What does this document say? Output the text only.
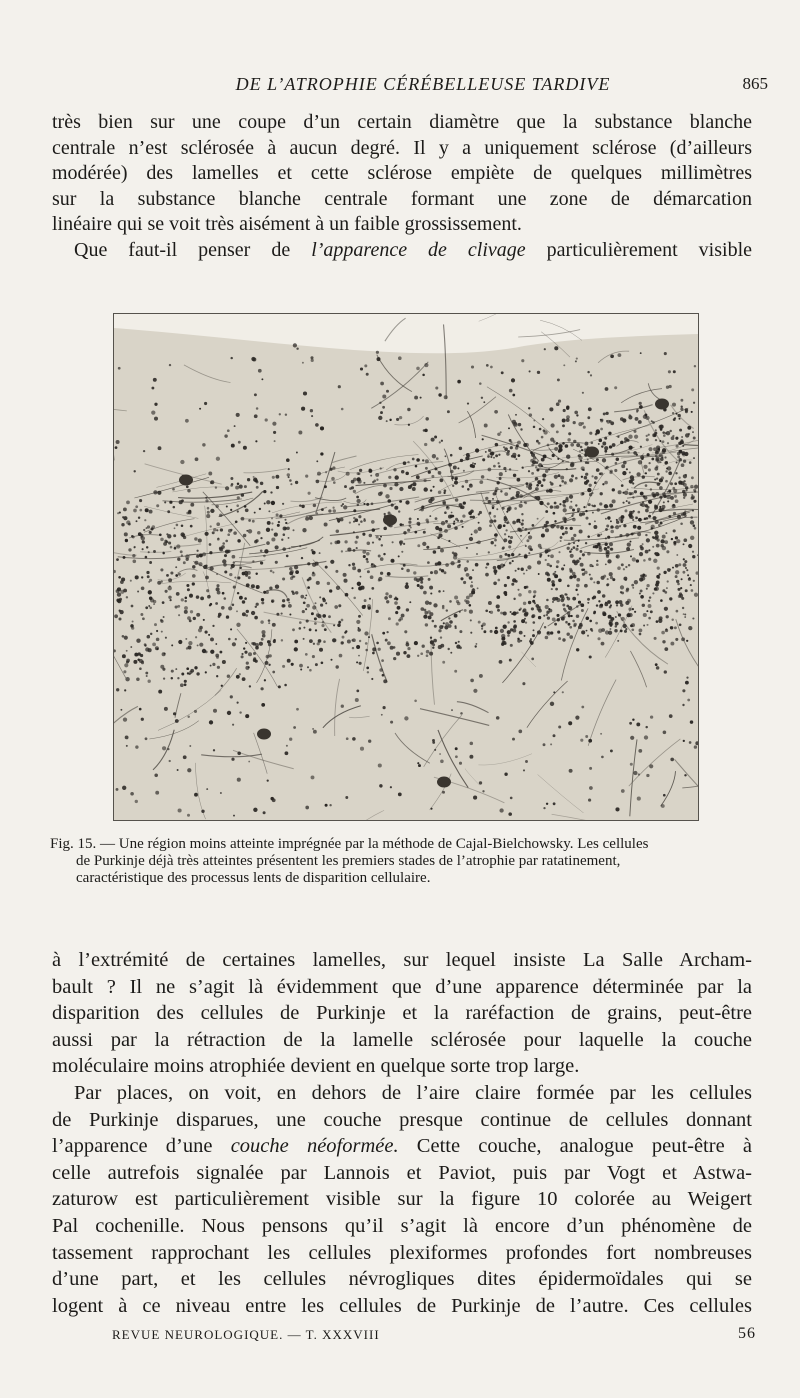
DE L’ATROPHIE CÉRÉBELLEUSE TARDIVE	865

très bien sur une coupe d’un certain diamètre que la substance blanche
centrale n’est sclérosée à aucun degré. Il y a uniquement sclérose (d’ailleurs
modérée) des lamelles et cette sclérose empiète de quelques millimètres
sur la substance blanche centrale formant une zone de démarcation
linéaire qui se voit très aisément à un faible grossissement.
Que faut-il penser de l’apparence de clivage particulièrement visible

Fig. 15. — Une région moins atteinte imprégnée par la méthode de Cajal-Bielchowsky. Les cellules
de Purkinje déjà très atteintes présentent les premiers stades de l’atrophie par ratatinement,
caractéristique des processus lents de disparition cellulaire.

à l’extrémité de certaines lamelles, sur lequel insiste La Salle Archam-
bault ? Il ne s’agit là évidemment que d’une apparence déterminée par la
disparition des cellules de Purkinje et la raréfaction de grains, peut-être
aussi par la rétraction de la lamelle sclérosée pour laquelle la couche
moléculaire moins atrophiée devient en quelque sorte trop large.
Par places, on voit, en dehors de l’aire claire formée par les cellules
de Purkinje disparues, une couche presque continue de cellules donnant
l’apparence d’une couche néoformée. Cette couche, analogue peut-être à
celle autrefois signalée par Lannois et Paviot, puis par Vogt et Astwa-
zaturow est particulièrement visible sur la figure 10 colorée au Weigert
Pal cochenille. Nous pensons qu’il s’agit là encore d’un phénomène de
tassement rapprochant les cellules plexiformes profondes fort nombreuses
d’une part, et les cellules névrogliques dites épidermoïdales qui se
logent à ce niveau entre les cellules de Purkinje de l’autre. Ces cellules

REVUE NEUROLOGIQUE. — T. XXXVIII	56
